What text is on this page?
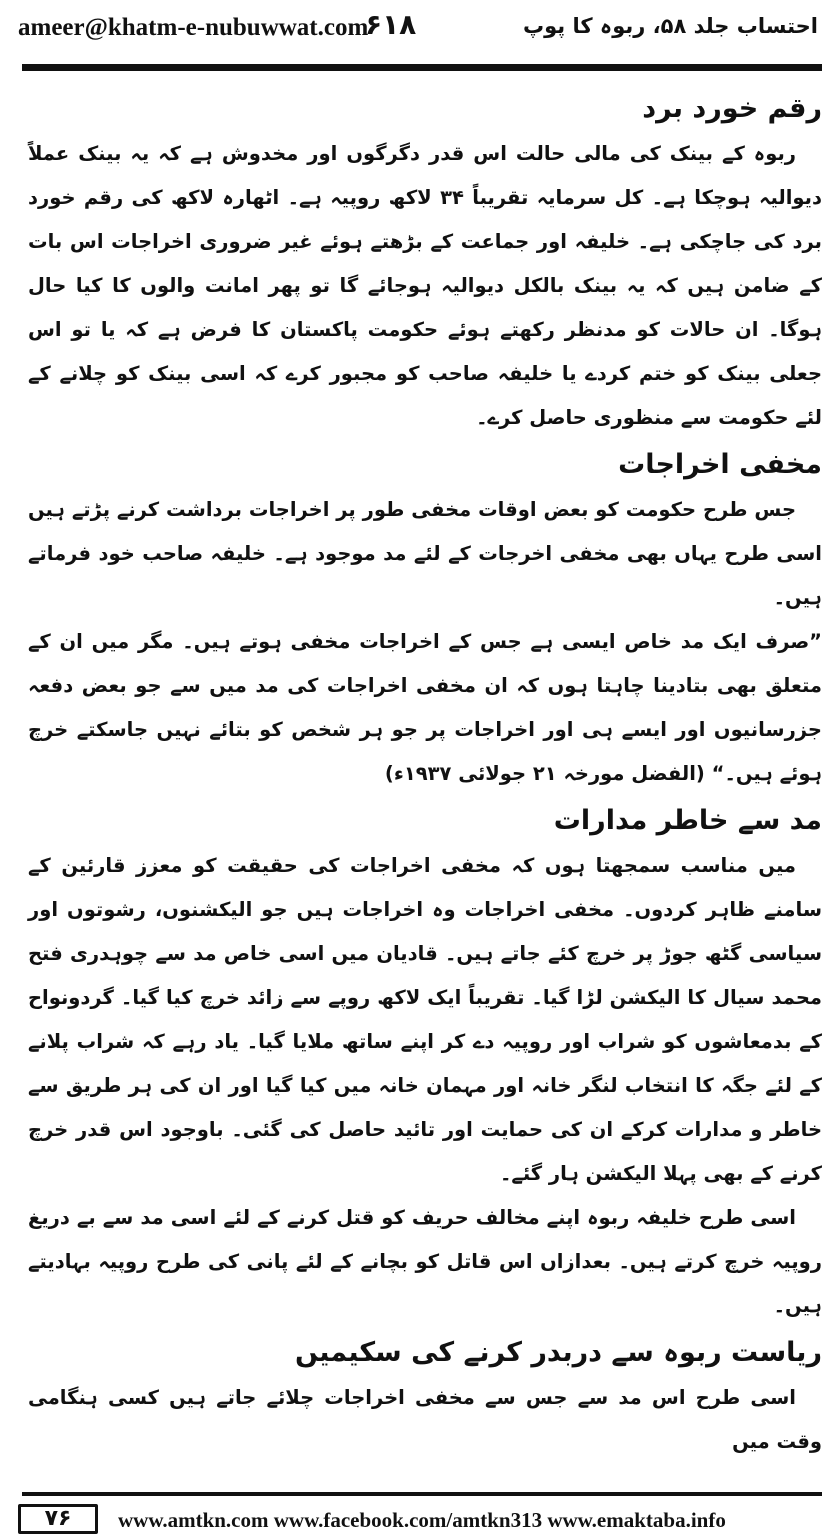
ameer@khatm-e-nubuwwat.com
۶۱۸	احتساب جلد ۵۸، ربوہ کا پوپ
رقم خورد برد

ربوہ کے بینک کی مالی حالت اس قدر دگرگوں اور مخدوش ہے کہ یہ بینک عملاً دیوالیہ ہوچکا ہے۔ کل سرمایہ تقریباً ۳۴ لاکھ روپیہ ہے۔ اٹھارہ لاکھ کی رقم خورد برد کی جاچکی ہے۔ خلیفہ اور جماعت کے بڑھتے ہوئے غیر ضروری اخراجات اس بات کے ضامن ہیں کہ یہ بینک بالکل دیوالیہ ہوجائے گا تو پھر امانت والوں کا کیا حال ہوگا۔ ان حالات کو مدنظر رکھتے ہوئے حکومت پاکستان کا فرض ہے کہ یا تو اس جعلی بینک کو ختم کردے یا خلیفہ صاحب کو مجبور کرے کہ اسی بینک کو چلانے کے لئے حکومت سے منظوری حاصل کرے۔

مخفی اخراجات

جس طرح حکومت کو بعض اوقات مخفی طور پر اخراجات برداشت کرنے پڑتے ہیں اسی طرح یہاں بھی مخفی اخرجات کے لئے مد موجود ہے۔ خلیفہ صاحب خود فرماتے ہیں۔

”صرف ایک مد خاص ایسی ہے جس کے اخراجات مخفی ہوتے ہیں۔ مگر میں ان کے متعلق بھی بتادینا چاہتا ہوں کہ ان مخفی اخراجات کی مد میں سے جو بعض دفعہ جزرسانیوں اور ایسے ہی اور اخراجات پر جو ہر شخص کو بتائے نہیں جاسکتے خرچ ہوئے ہیں۔“ (الفضل مورخہ ۲۱ جولائی ۱۹۳۷ء)

مد سے خاطر مدارات

میں مناسب سمجھتا ہوں کہ مخفی اخراجات کی حقیقت کو معزز قارئین کے سامنے ظاہر کردوں۔ مخفی اخراجات وہ اخراجات ہیں جو الیکشنوں، رشوتوں اور سیاسی گٹھ جوڑ پر خرچ کئے جاتے ہیں۔ قادیان میں اسی خاص مد سے چوہدری فتح محمد سیال کا الیکشن لڑا گیا۔ تقریباً ایک لاکھ روپے سے زائد خرچ کیا گیا۔ گردونواح کے بدمعاشوں کو شراب اور روپیہ دے کر اپنے ساتھ ملایا گیا۔ یاد رہے کہ شراب پلانے کے لئے جگہ کا انتخاب لنگر خانہ اور مہمان خانہ میں کیا گیا اور ان کی ہر طریق سے خاطر و مدارات کرکے ان کی حمایت اور تائید حاصل کی گئی۔ باوجود اس قدر خرچ کرنے کے بھی پہلا الیکشن ہار گئے۔

اسی طرح خلیفہ ربوہ اپنے مخالف حریف کو قتل کرنے کے لئے اسی مد سے بے دریغ روپیہ خرچ کرتے ہیں۔ بعدازاں اس قاتل کو بچانے کے لئے پانی کی طرح روپیہ بہادیتے ہیں۔

ریاست ربوہ سے دربدر کرنے کی سکیمیں

اسی طرح اس مد سے جس سے مخفی اخراجات چلائے جاتے ہیں کسی ہنگامی وقت میں

۷۶	www.amtkn.com www.facebook.com/amtkn313 www.emaktaba.info
